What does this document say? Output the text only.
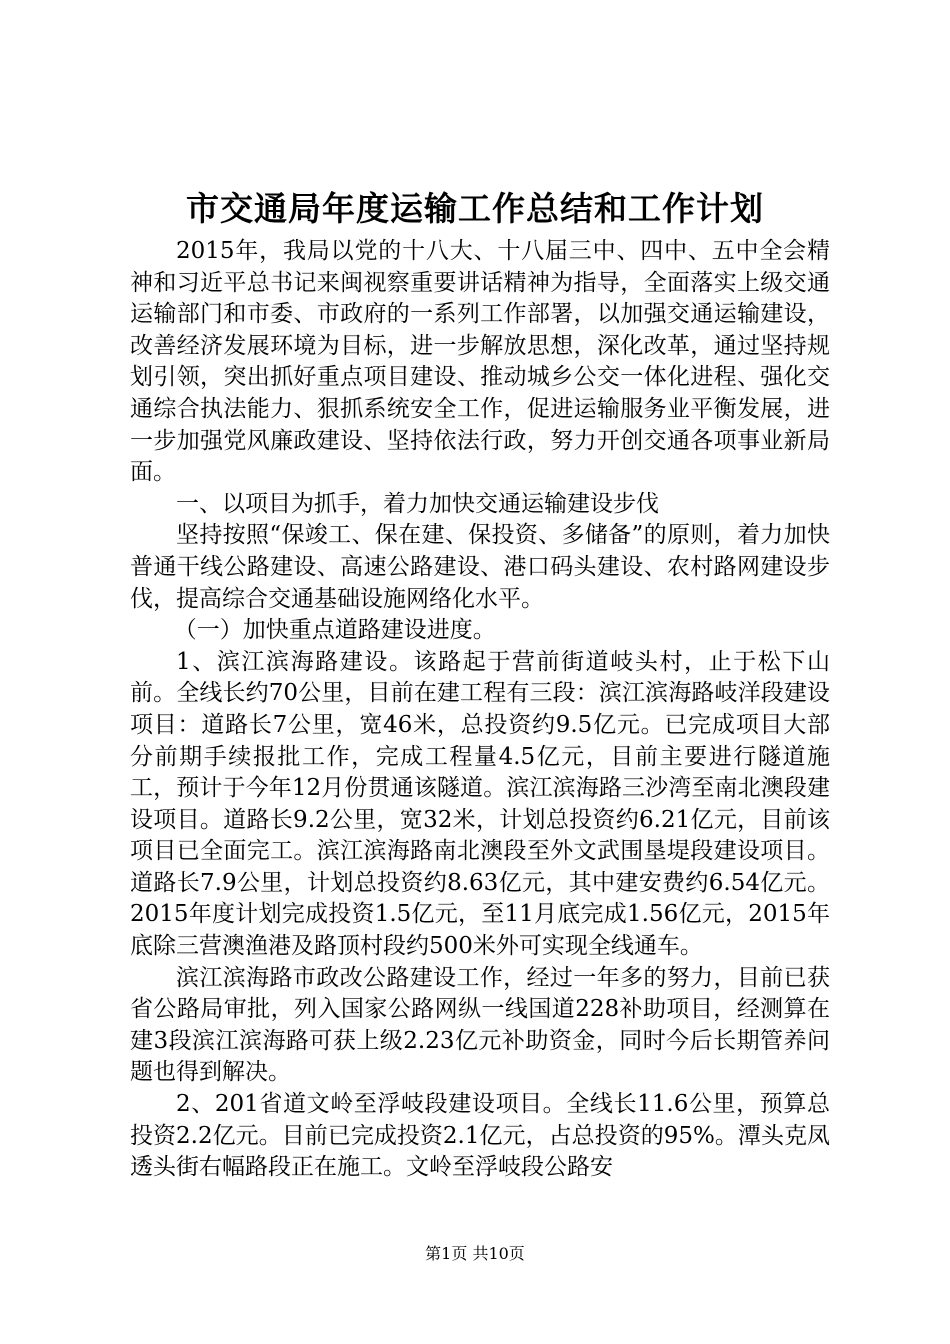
市交通局年度运输工作总结和工作计划

2015年，我局以党的十八大、十八届三中、四中、五中全会精神和习近平总书记来闽视察重要讲话精神为指导，全面落实上级交通运输部门和市委、市政府的一系列工作部署，以加强交通运输建设，改善经济发展环境为目标，进一步解放思想，深化改革，通过坚持规划引领，突出抓好重点项目建设、推动城乡公交一体化进程、强化交通综合执法能力、狠抓系统安全工作，促进运输服务业平衡发展，进一步加强党风廉政建设、坚持依法行政，努力开创交通各项事业新局面。

一、以项目为抓手，着力加快交通运输建设步伐

坚持按照“保竣工、保在建、保投资、多储备”的原则，着力加快普通干线公路建设、高速公路建设、港口码头建设、农村路网建设步伐，提高综合交通基础设施网络化水平。

（一）加快重点道路建设进度。

1、滨江滨海路建设。该路起于营前街道岐头村，止于松下山前。全线长约70公里，目前在建工程有三段：滨江滨海路岐洋段建设项目：道路长7公里，宽46米，总投资约9.5亿元。已完成项目大部分前期手续报批工作，完成工程量4.5亿元，目前主要进行隧道施工，预计于今年12月份贯通该隧道。滨江滨海路三沙湾至南北澳段建设项目。道路长9.2公里，宽32米，计划总投资约6.21亿元，目前该项目已全面完工。滨江滨海路南北澳段至外文武围垦堤段建设项目。道路长7.9公里，计划总投资约8.63亿元，其中建安费约6.54亿元。2015年度计划完成投资1.5亿元，至11月底完成1.56亿元，2015年底除三营澳渔港及路顶村段约500米外可实现全线通车。

滨江滨海路市政改公路建设工作，经过一年多的努力，目前已获省公路局审批，列入国家公路网纵一线国道228补助项目，经测算在建3段滨江滨海路可获上级2.23亿元补助资金，同时今后长期管养问题也得到解决。

2、201省道文岭至浮岐段建设项目。全线长11.6公里，预算总投资2.2亿元。目前已完成投资2.1亿元，占总投资的95%。潭头克凤透头街右幅路段正在施工。文岭至浮岐段公路安

第1页 共10页
